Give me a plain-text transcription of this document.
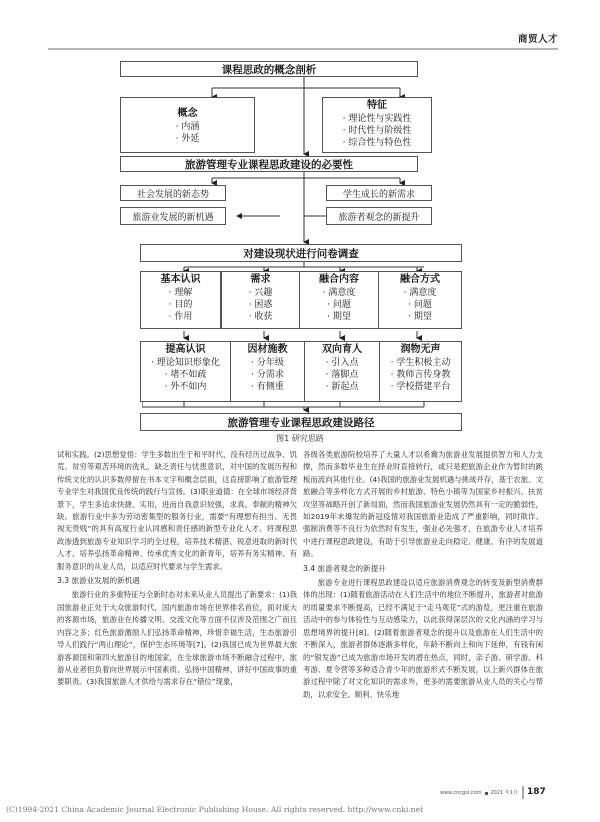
商贸人才
课程思政的概念剖析
概念
· 内涵
· 外延
特征
· 理论性与实践性
· 时代性与阶级性
· 综合性与特色性
旅游管理专业课程思政建设的必要性
社会发展的新态势	学生成长的新需求
旅游业发展的新机遇	旅游者观念的新提升
对建设现状进行问卷调查
基本认识
· 理解
· 目的
· 作用
需求
· 兴趣
· 困惑
· 收获
融合内容
· 满意度
· 问题
· 期望
融合方式
· 满意度
· 问题
· 期望
提高认识
· 理论知识形象化
· 堵不如疏
· 外不如内
因材施教
· 分年级
· 分需求
· 有侧重
双向育人
· 引入点
· 落脚点
· 新起点
润物无声
· 学生积极主动
· 教师言传身教
· 学校搭建平台
旅游管理专业课程思政建设路径
图1 研究思路

试和实践。(2)思想觉悟：学生多数出生于和平时代，没有经历过战争、饥荒、贫穷等艰苦环境的洗礼，缺乏责任与忧患意识，对中国的发展历程和传统文化的认识多数停留在书本文字和概念层面，这直接影响了旅游管理专业学生对我国优良传统的践行与宣扬。(3)职业道德：在全球市场经济背景下，学生多追求快捷、实用，进而自我意识较强，求真、奉献的精神欠缺。旅游行业中多为劳动密集型的服务行业，需要“有理想有担当、无畏视无贵贱”的具有高度行业认同感和责任感的新型专业化人才。将课程思政渗透到旅游专业知识学习的全过程，培养技术精湛、锐意进取的新时代人才，培养弘扬革命精神、传承优秀文化的新青年，培养有务实精神、有服务意识的从业人员，以适应时代要求与学生需求。

3.3 旅游业发展的新机遇

旅游行业的多重特征与全新时态对未来从业人员提出了新要求：(1)我国旅游业正处于大众旅游时代，国内旅游市场在世界排名首位，面对庞大的客源市场，旅游业在传播文明、交流文化等方面不仅涉及范围之广而且内容之多；红色旅游激励人们弘扬革命精神，珍惜幸福生活，生态旅游引导人们践行“两山理论”，保护生态环境等[7]。(2)我国已成为世界最大旅游客源国和第四大旅游目的地国家，在全球旅游市场不断融合过程中，旅游从业者担负着向世界展示中国素质、弘扬中国精神、讲好中国故事的重要职责。(3)我国旅游人才供给与需求存在“错位”现象，

各级各类旅游院校培养了大量人才以希冀为旅游业发展提供智力和人力支撑，然而多数毕业生在择业时直接转行，或只是把旅游企业作为暂时的跳板而流向其他行业。(4)我国的旅游业发展机遇与挑战并存，基于农旅、文旅融合等多样化方式开展的乡村旅游、特色小镇等为国家乡村振兴、扶贫攻坚等战略开创了新局面，然而我国旅游业发展仍然具有一定的脆弱性，如2019年末爆发的新冠疫情对我国旅游业造成了严重影响，同时欺诈、强制消费等不良行为依然时有发生，强业必先强才，在旅游专业人才培养中进行课程思政建设，有助于引导旅游业走向稳定、健康、有序的发展道路。

3.4 旅游者观念的新提升

旅游专业进行课程思政建设以适应旅游消费观念的转变及新型消费群体的出现：(1)随着旅游活动在人们生活中的地位不断提升，旅游者对旅游的质量要求不断提高，已经不满足于“走马观花”式的游览，更注重在旅游活动中的参与体验性与互动感染力，以此获得深层次的文化内涵的学习与思想境界的提升[8]。(2)随着旅游者观念的提升以及旅游在人们生活中的不断深入，旅游者群体逐渐多样化，年龄不断向上和向下延伸，有钱有闲的“银发游”已成为旅游市场开发的潜在热点，同时，亲子游、研学游、科考游、夏令营等多种适合青少年的旅游形式不断发展，以上新兴群体在旅游过程中除了对文化知识的需求外，更多的需要旅游从业人员的关心与帮助，以求安全、顺利、快乐地

www.cncgsl.com 2021 年1月 187
(C)1994-2021 China Academic Journal Electronic Publishing House. All rights reserved. http://www.cnki.net
